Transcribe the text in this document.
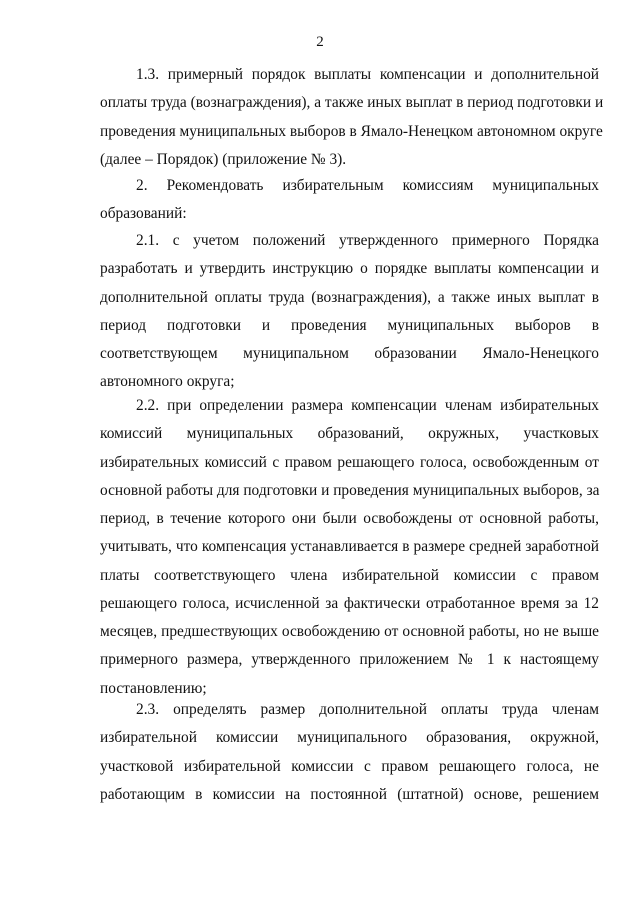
2
1.3. примерный порядок выплаты компенсации и дополнительной
оплаты труда (вознаграждения), а также иных выплат в период подготовки и
проведения муниципальных выборов в Ямало-Ненецком автономном округе
(далее – Порядок) (приложение № 3).
2. Рекомендовать избирательным комиссиям муниципальных
образований:
2.1. с учетом положений утвержденного примерного Порядка
разработать и утвердить инструкцию о порядке выплаты компенсации и
дополнительной оплаты труда (вознаграждения), а также иных выплат в
период подготовки и проведения муниципальных выборов в
соответствующем муниципальном образовании Ямало-Ненецкого
автономного округа;
2.2. при определении размера компенсации членам избирательных
комиссий муниципальных образований, окружных, участковых
избирательных комиссий с правом решающего голоса, освобожденным от
основной работы для подготовки и проведения муниципальных выборов, за
период, в течение которого они были освобождены от основной работы,
учитывать, что компенсация устанавливается в размере средней заработной
платы соответствующего члена избирательной комиссии с правом
решающего голоса, исчисленной за фактически отработанное время за 12
месяцев, предшествующих освобождению от основной работы, но не выше
примерного размера, утвержденного приложением № 1 к настоящему
постановлению;
2.3. определять размер дополнительной оплаты труда членам
избирательной комиссии муниципального образования, окружной,
участковой избирательной комиссии с правом решающего голоса, не
работающим в комиссии на постоянной (штатной) основе, решением
